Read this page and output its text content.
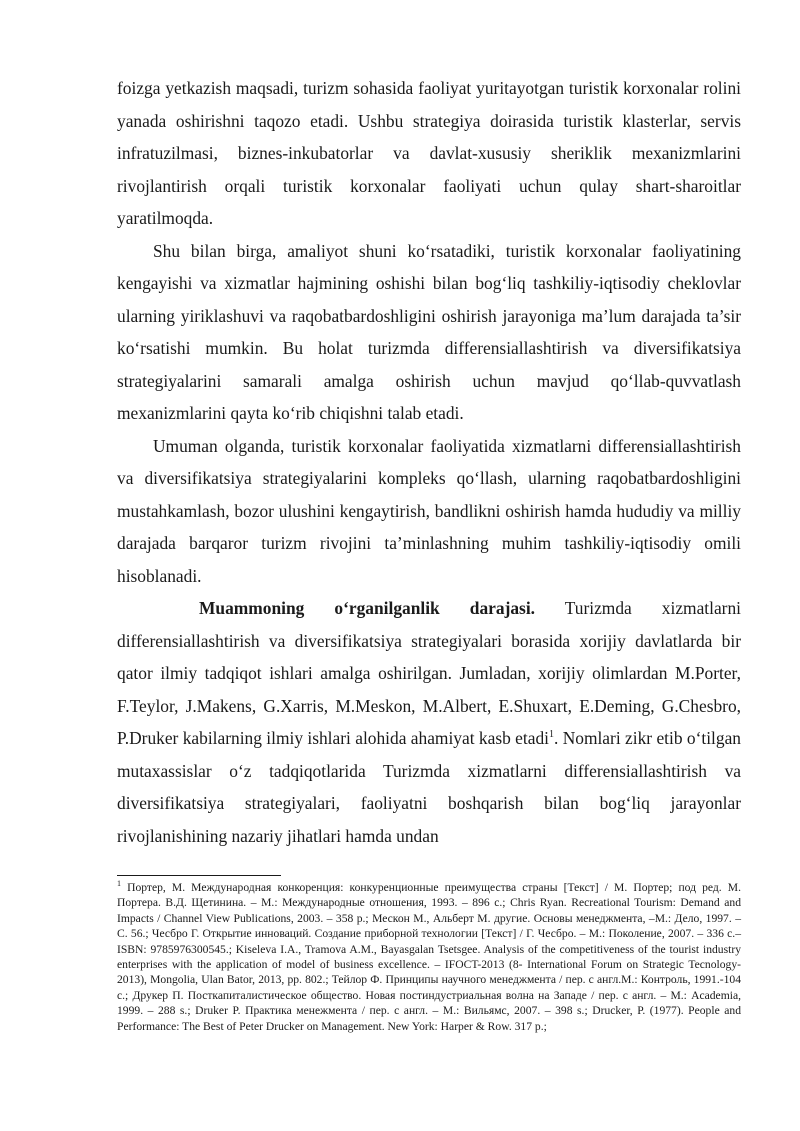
foizga yetkazish maqsadi, turizm sohasida faoliyat yuritayotgan turistik korxonalar rolini yanada oshirishni taqozo etadi. Ushbu strategiya doirasida turistik klasterlar, servis infratuzilmasi, biznes-inkubatorlar va davlat-xususiy sheriklik mexanizmlarini rivojlantirish orqali turistik korxonalar faoliyati uchun qulay shart-sharoitlar yaratilmoqda.

Shu bilan birga, amaliyot shuni ko‘rsatadiki, turistik korxonalar faoliyatining kengayishi va xizmatlar hajmining oshishi bilan bog‘liq tashkiliy-iqtisodiy cheklovlar ularning yiriklashuvi va raqobatbardoshligini oshirish jarayoniga ma’lum darajada ta’sir ko‘rsatishi mumkin. Bu holat turizmda differensiallashtirish va diversifikatsiya strategiyalarini samarali amalga oshirish uchun mavjud qo‘llab-quvvatlash mexanizmlarini qayta ko‘rib chiqishni talab etadi.

Umuman olganda, turistik korxonalar faoliyatida xizmatlarni differensiallashtirish va diversifikatsiya strategiyalarini kompleks qo‘llash, ularning raqobatbardoshligini mustahkamlash, bozor ulushini kengaytirish, bandlikni oshirish hamda hududiy va milliy darajada barqaror turizm rivojini ta’minlashning muhim tashkiliy-iqtisodiy omili hisoblanadi.

Muammoning o‘rganilganlik darajasi. Turizmda xizmatlarni differensiallashtirish va diversifikatsiya strategiyalari borasida xorijiy davlatlarda bir qator ilmiy tadqiqot ishlari amalga oshirilgan. Jumladan, xorijiy olimlardan M.Porter, F.Teylor, J.Makens, G.Xarris, M.Meskon, M.Albert, E.Shuxart, E.Deming, G.Chesbro, P.Druker kabilarning ilmiy ishlari alohida ahamiyat kasb etadi$^1$. Nomlari zikr etib o‘tilgan mutaxassislar o‘z tadqiqotlarida Turizmda xizmatlarni differensiallashtirish va diversifikatsiya strategiyalari, faoliyatni boshqarish bilan bog‘liq jarayonlar rivojlanishining nazariy jihatlari hamda undan

$^1$ Портер, М. Международная конкоренция: конкуренционные преимущества страны [Текст] / М. Портер; под ред. М. Портера. В.Д. Щетинина. – М.: Международные отношения, 1993. – 896 с.; Chris Ryan. Recreational Tourism: Demand and Impacts / Channel View Publications, 2003. – 358 p.; Мескон М., Альберт М. другие. Основы менеджмента, –М.: Дело, 1997. –С. 56.; Чесбро Г. Открытие инноваций. Создание приборной технологии [Текст] / Г. Чесбро. – М.: Поколение, 2007. – 336 с.– ISBN: 9785976300545.; Kiseleva I.A., Tramova A.M., Bayasgalan Tsetsgee. Analysis of the competitiveness of the tourist industry enterprises with the application of model of business excellence. – IFOCT-2013 (8- International Forum on Strategic Tecnology-2013), Mongolia, Ulan Bator, 2013, pp. 802.; Тейлор Ф. Принципы научного менеджмента / пер. с англ.М.: Контроль, 1991.-104 с.; Друкер П. Посткапиталистическое общество. Новая постиндустриальная волна на Западе / пер. с англ. – М.: Academia, 1999. – 288 s.; Druker P. Практика менежмента / пер. с англ. – М.: Вильямс, 2007. – 398 s.; Drucker, P. (1977). People and Performance: The Best of Peter Drucker on Management. New York: Harper & Row. 317 p.;
